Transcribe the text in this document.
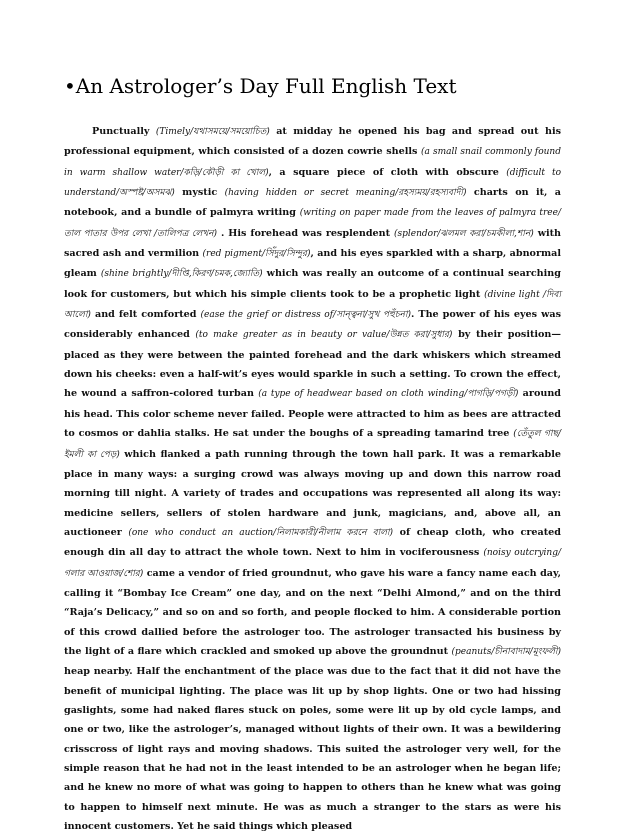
•An Astrologer’s Day Full English Text

Punctually (Timely/যথাসময়ে/সময়োচিত) at midday he opened his bag and spread out his professional equipment, which consisted of a dozen cowrie shells (a small snail commonly found in warm shallow water/কড়ি/কৌড়ী কা খোল), a square piece of cloth with obscure (difficult to understand/অস্পষ্ট/অসমঝ) mystic (having hidden or secret meaning/রহস্যময়/রহস্যবাদী) charts on it, a notebook, and a bundle of palmyra writing (writing on paper made from the leaves of palmyra tree/তাল পাতার উপর লেখা /তালিপত্র লেখন) . His forehead was resplendent (splendor/ঝলমল করা/চমকীলা,শান) with sacred ash and vermilion (red pigment/সিঁদুর/সিন্দুর), and his eyes sparkled with a sharp, abnormal gleam (shine brightly/দীপ্তি,কিরণ/চমক,জ্যোতি) which was really an outcome of a continual searching look for customers, but which his simple clients took to be a prophetic light (divine light /দিব্য আলো) and felt comforted (ease the grief or distress of/সান্ত্বনা/সুখ পহুঁচনা). The power of his eyes was considerably enhanced (to make greater as in beauty or value/উন্নত করা/সুধার) by their position—placed as they were between the painted forehead and the dark whiskers which streamed down his cheeks: even a half-wit’s eyes would sparkle in such a setting. To crown the effect, he wound a saffron-colored turban (a type of headwear based on cloth winding/পাগড়ি/পগড়ী) around his head. This color scheme never failed. People were attracted to him as bees are attracted to cosmos or dahlia stalks. He sat under the boughs of a spreading tamarind tree (তেঁতুল গাছ/ইমলী কা পেড়) which flanked a path running through the town hall park. It was a remarkable place in many ways: a surging crowd was always moving up and down this narrow road morning till night. A variety of trades and occupations was represented all along its way: medicine sellers, sellers of stolen hardware and junk, magicians, and, above all, an auctioneer (one who conduct an auction/নিলামকারী/নীলাম করনে বালা) of cheap cloth, who created enough din all day to attract the whole town. Next to him in vociferousness (noisy outcrying/ গলার আওয়াজ/শোর) came a vendor of fried groundnut, who gave his ware a fancy name each day, calling it “Bombay Ice Cream” one day, and on the next “Delhi Almond,” and on the third “Raja’s Delicacy,” and so on and so forth, and people flocked to him. A considerable portion of this crowd dallied before the astrologer too. The astrologer transacted his business by the light of a flare which crackled and smoked up above the groundnut (peanuts/চীনাবাদাম/মূংফলী) heap nearby. Half the enchantment of the place was due to the fact that it did not have the benefit of municipal lighting. The place was lit up by shop lights. One or two had hissing gaslights, some had naked flares stuck on poles, some were lit up by old cycle lamps, and one or two, like the astrologer’s, managed without lights of their own. It was a bewildering crisscross of light rays and moving shadows. This suited the astrologer very well, for the simple reason that he had not in the least intended to be an astrologer when he began life; and he knew no more of what was going to happen to others than he knew what was going to happen to himself next minute. He was as much a stranger to the stars as were his innocent customers. Yet he said things which pleased
